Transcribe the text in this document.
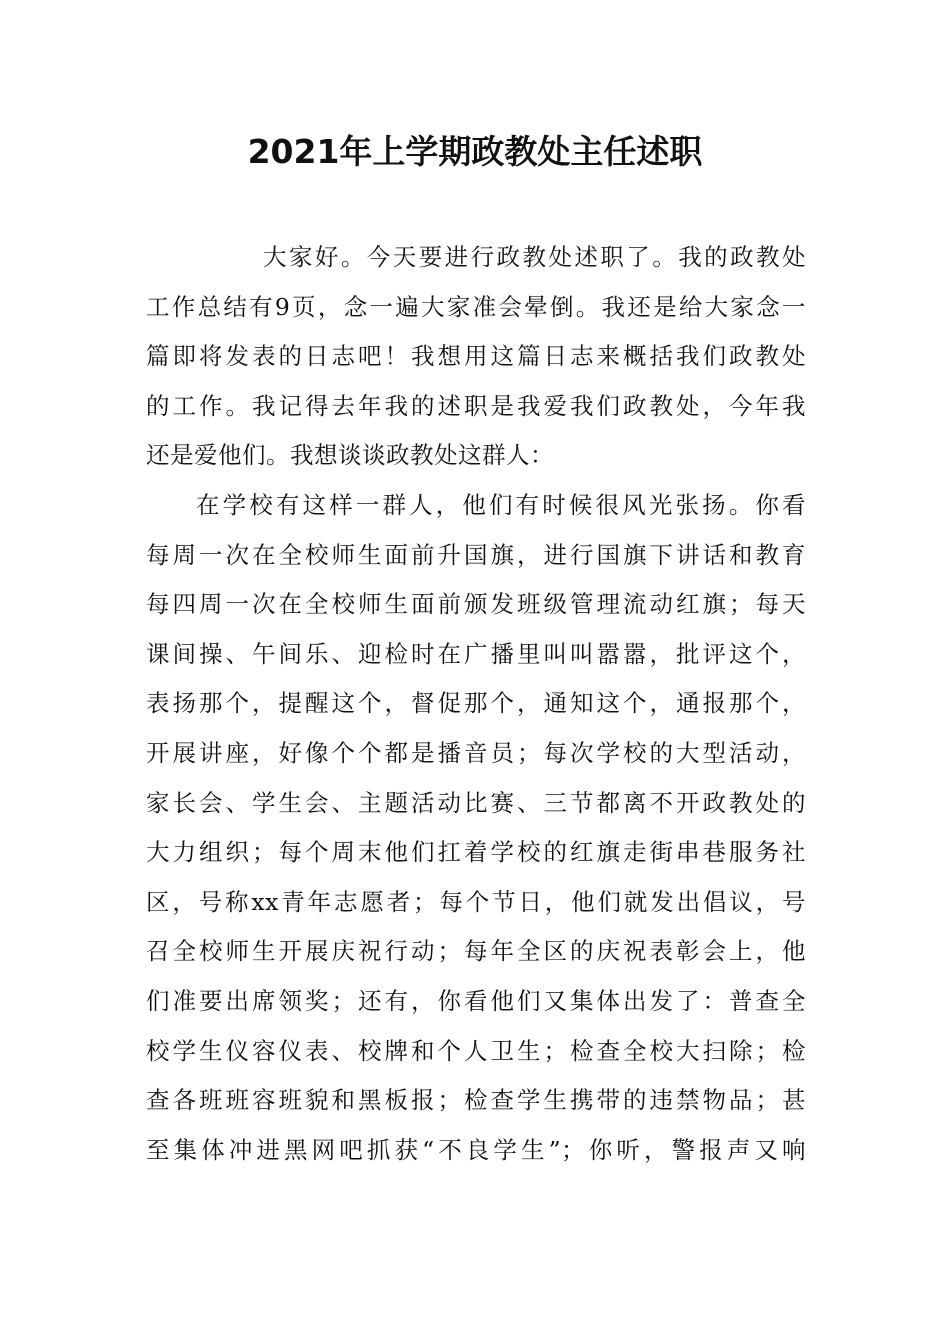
2021年上学期政教处主任述职
大家好。今天要进行政教处述职了。我的政教处
工作总结有9页，念一遍大家准会晕倒。我还是给大家念一
篇即将发表的日志吧！我想用这篇日志来概括我们政教处
的工作。我记得去年我的述职是我爱我们政教处，今年我
还是爱他们。我想谈谈政教处这群人：
在学校有这样一群人，他们有时候很风光张扬。你看
每周一次在全校师生面前升国旗，进行国旗下讲话和教育
每四周一次在全校师生面前颁发班级管理流动红旗；每天
课间操、午间乐、迎检时在广播里叫叫嚣嚣，批评这个，
表扬那个，提醒这个，督促那个，通知这个，通报那个，
开展讲座，好像个个都是播音员；每次学校的大型活动，
家长会、学生会、主题活动比赛、三节都离不开政教处的
大力组织；每个周末他们扛着学校的红旗走街串巷服务社
区，号称xx青年志愿者；每个节日，他们就发出倡议，号
召全校师生开展庆祝行动；每年全区的庆祝表彰会上，他
们准要出席领奖；还有，你看他们又集体出发了：普查全
校学生仪容仪表、校牌和个人卫生；检查全校大扫除；检
查各班班容班貌和黑板报；检查学生携带的违禁物品；甚
至集体冲进黑网吧抓获“不良学生”；你听，警报声又响
